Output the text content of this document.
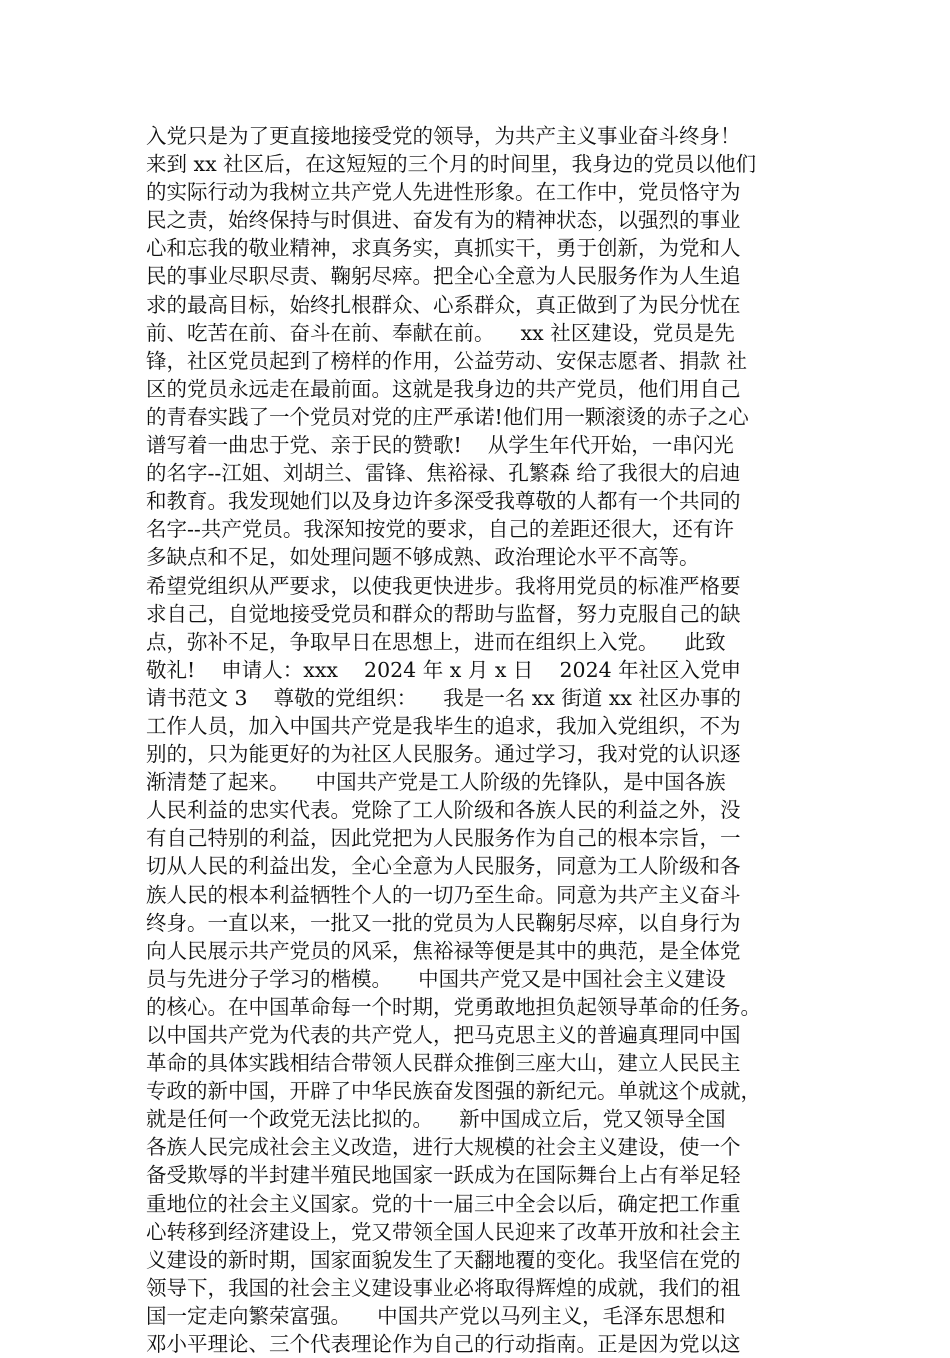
入党只是为了更直接地接受党的领导，为共产主义事业奋斗终身！
来到 xx 社区后，在这短短的三个月的时间里，我身边的党员以他们
的实际行动为我树立共产党人先进性形象。在工作中，党员恪守为
民之责，始终保持与时俱进、奋发有为的精神状态，以强烈的事业
心和忘我的敬业精神，求真务实，真抓实干，勇于创新，为党和人
民的事业尽职尽责、鞠躬尽瘁。把全心全意为人民服务作为人生追
求的最高目标，始终扎根群众、心系群众，真正做到了为民分忧在
前、吃苦在前、奋斗在前、奉献在前。    xx 社区建设，党员是先
锋，社区党员起到了榜样的作用，公益劳动、安保志愿者、捐款 社
区的党员永远走在最前面。这就是我身边的共产党员，他们用自己
的青春实践了一个党员对党的庄严承诺!他们用一颗滚烫的赤子之心
谱写着一曲忠于党、亲于民的赞歌!    从学生年代开始，一串闪光
的名字--江姐、刘胡兰、雷锋、焦裕禄、孔繁森 给了我很大的启迪
和教育。我发现她们以及身边许多深受我尊敬的人都有一个共同的
名字--共产党员。我深知按党的要求，自己的差距还很大，还有许
多缺点和不足，如处理问题不够成熟、政治理论水平不高等。
希望党组织从严要求，以使我更快进步。我将用党员的标准严格要
求自己，自觉地接受党员和群众的帮助与监督，努力克服自己的缺
点，弥补不足，争取早日在思想上，进而在组织上入党。    此致
敬礼!    申请人：xxx    2024 年 x 月 x 日    2024 年社区入党申
请书范文 3    尊敬的党组织：    我是一名 xx 街道 xx 社区办事的
工作人员，加入中国共产党是我毕生的追求，我加入党组织，不为
别的，只为能更好的为社区人民服务。通过学习，我对党的认识逐
渐清楚了起来。    中国共产党是工人阶级的先锋队，是中国各族
人民利益的忠实代表。党除了工人阶级和各族人民的利益之外，没
有自己特别的利益，因此党把为人民服务作为自己的根本宗旨，一
切从人民的利益出发，全心全意为人民服务，同意为工人阶级和各
族人民的根本利益牺牲个人的一切乃至生命。同意为共产主义奋斗
终身。一直以来，一批又一批的党员为人民鞠躬尽瘁，以自身行为
向人民展示共产党员的风采，焦裕禄等便是其中的典范，是全体党
员与先进分子学习的楷模。    中国共产党又是中国社会主义建设
的核心。在中国革命每一个时期，党勇敢地担负起领导革命的任务。
以中国共产党为代表的共产党人，把马克思主义的普遍真理同中国
革命的具体实践相结合带领人民群众推倒三座大山，建立人民民主
专政的新中国，开辟了中华民族奋发图强的新纪元。单就这个成就，
就是任何一个政党无法比拟的。    新中国成立后，党又领导全国
各族人民完成社会主义改造，进行大规模的社会主义建设，使一个
备受欺辱的半封建半殖民地国家一跃成为在国际舞台上占有举足轻
重地位的社会主义国家。党的十一届三中全会以后，确定把工作重
心转移到经济建设上，党又带领全国人民迎来了改革开放和社会主
义建设的新时期，国家面貌发生了天翻地覆的变化。我坚信在党的
领导下，我国的社会主义建设事业必将取得辉煌的成就，我们的祖
国一定走向繁荣富强。    中国共产党以马列主义，毛泽东思想和
邓小平理论、三个代表理论作为自己的行动指南。正是因为党以这
